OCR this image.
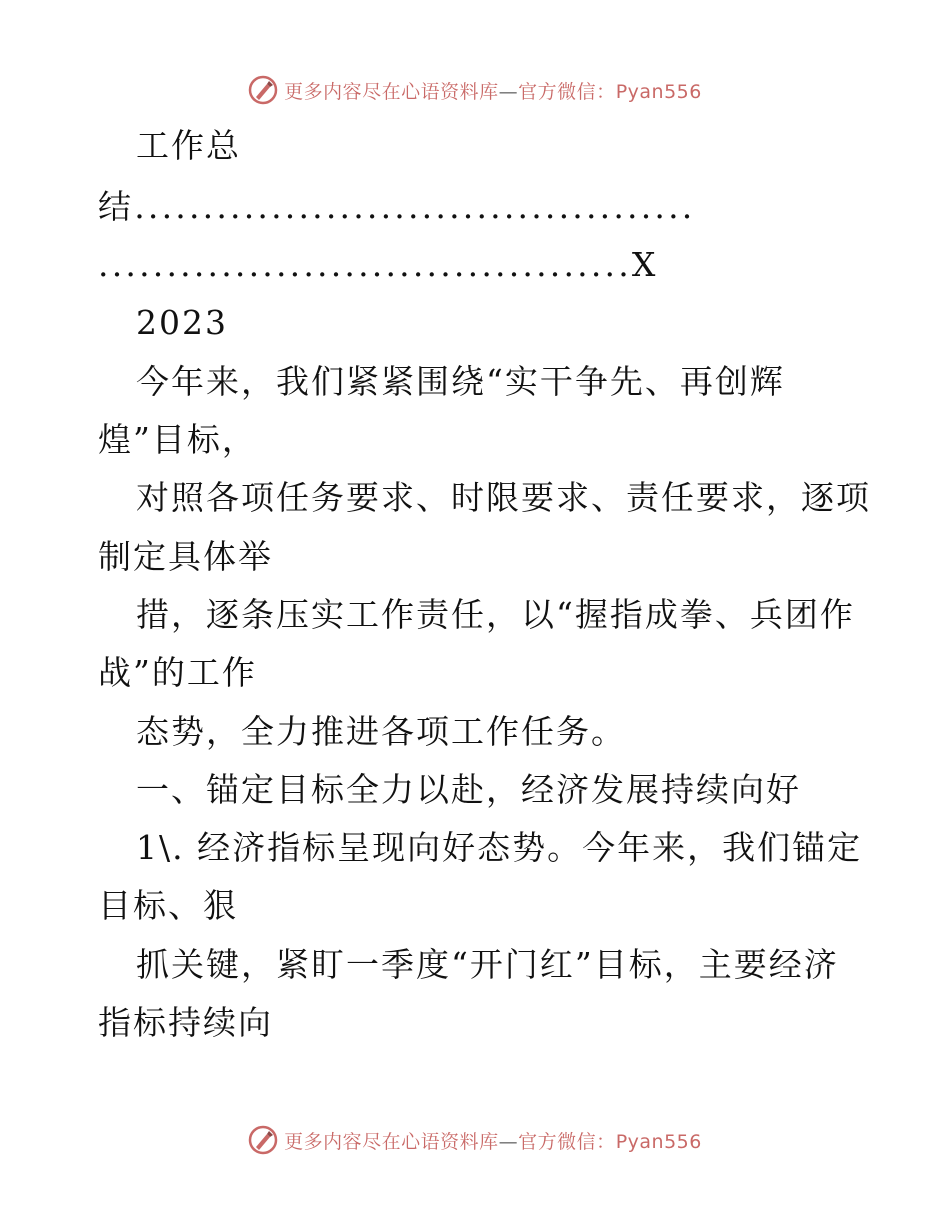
更多内容尽在心语资料库—官方微信：Pyan556
工作总
结.........................................
.......................................X
2023
今年来，我们紧紧围绕“实干争先、再创辉
煌”目标，
对照各项任务要求、时限要求、责任要求，逐项
制定具体举
措，逐条压实工作责任，以“握指成拳、兵团作
战”的工作
态势，全力推进各项工作任务。
一、锚定目标全力以赴，经济发展持续向好
1\. 经济指标呈现向好态势。今年来，我们锚定
目标、狠
抓关键，紧盯一季度“开门红”目标，主要经济
指标持续向
更多内容尽在心语资料库—官方微信：Pyan556
